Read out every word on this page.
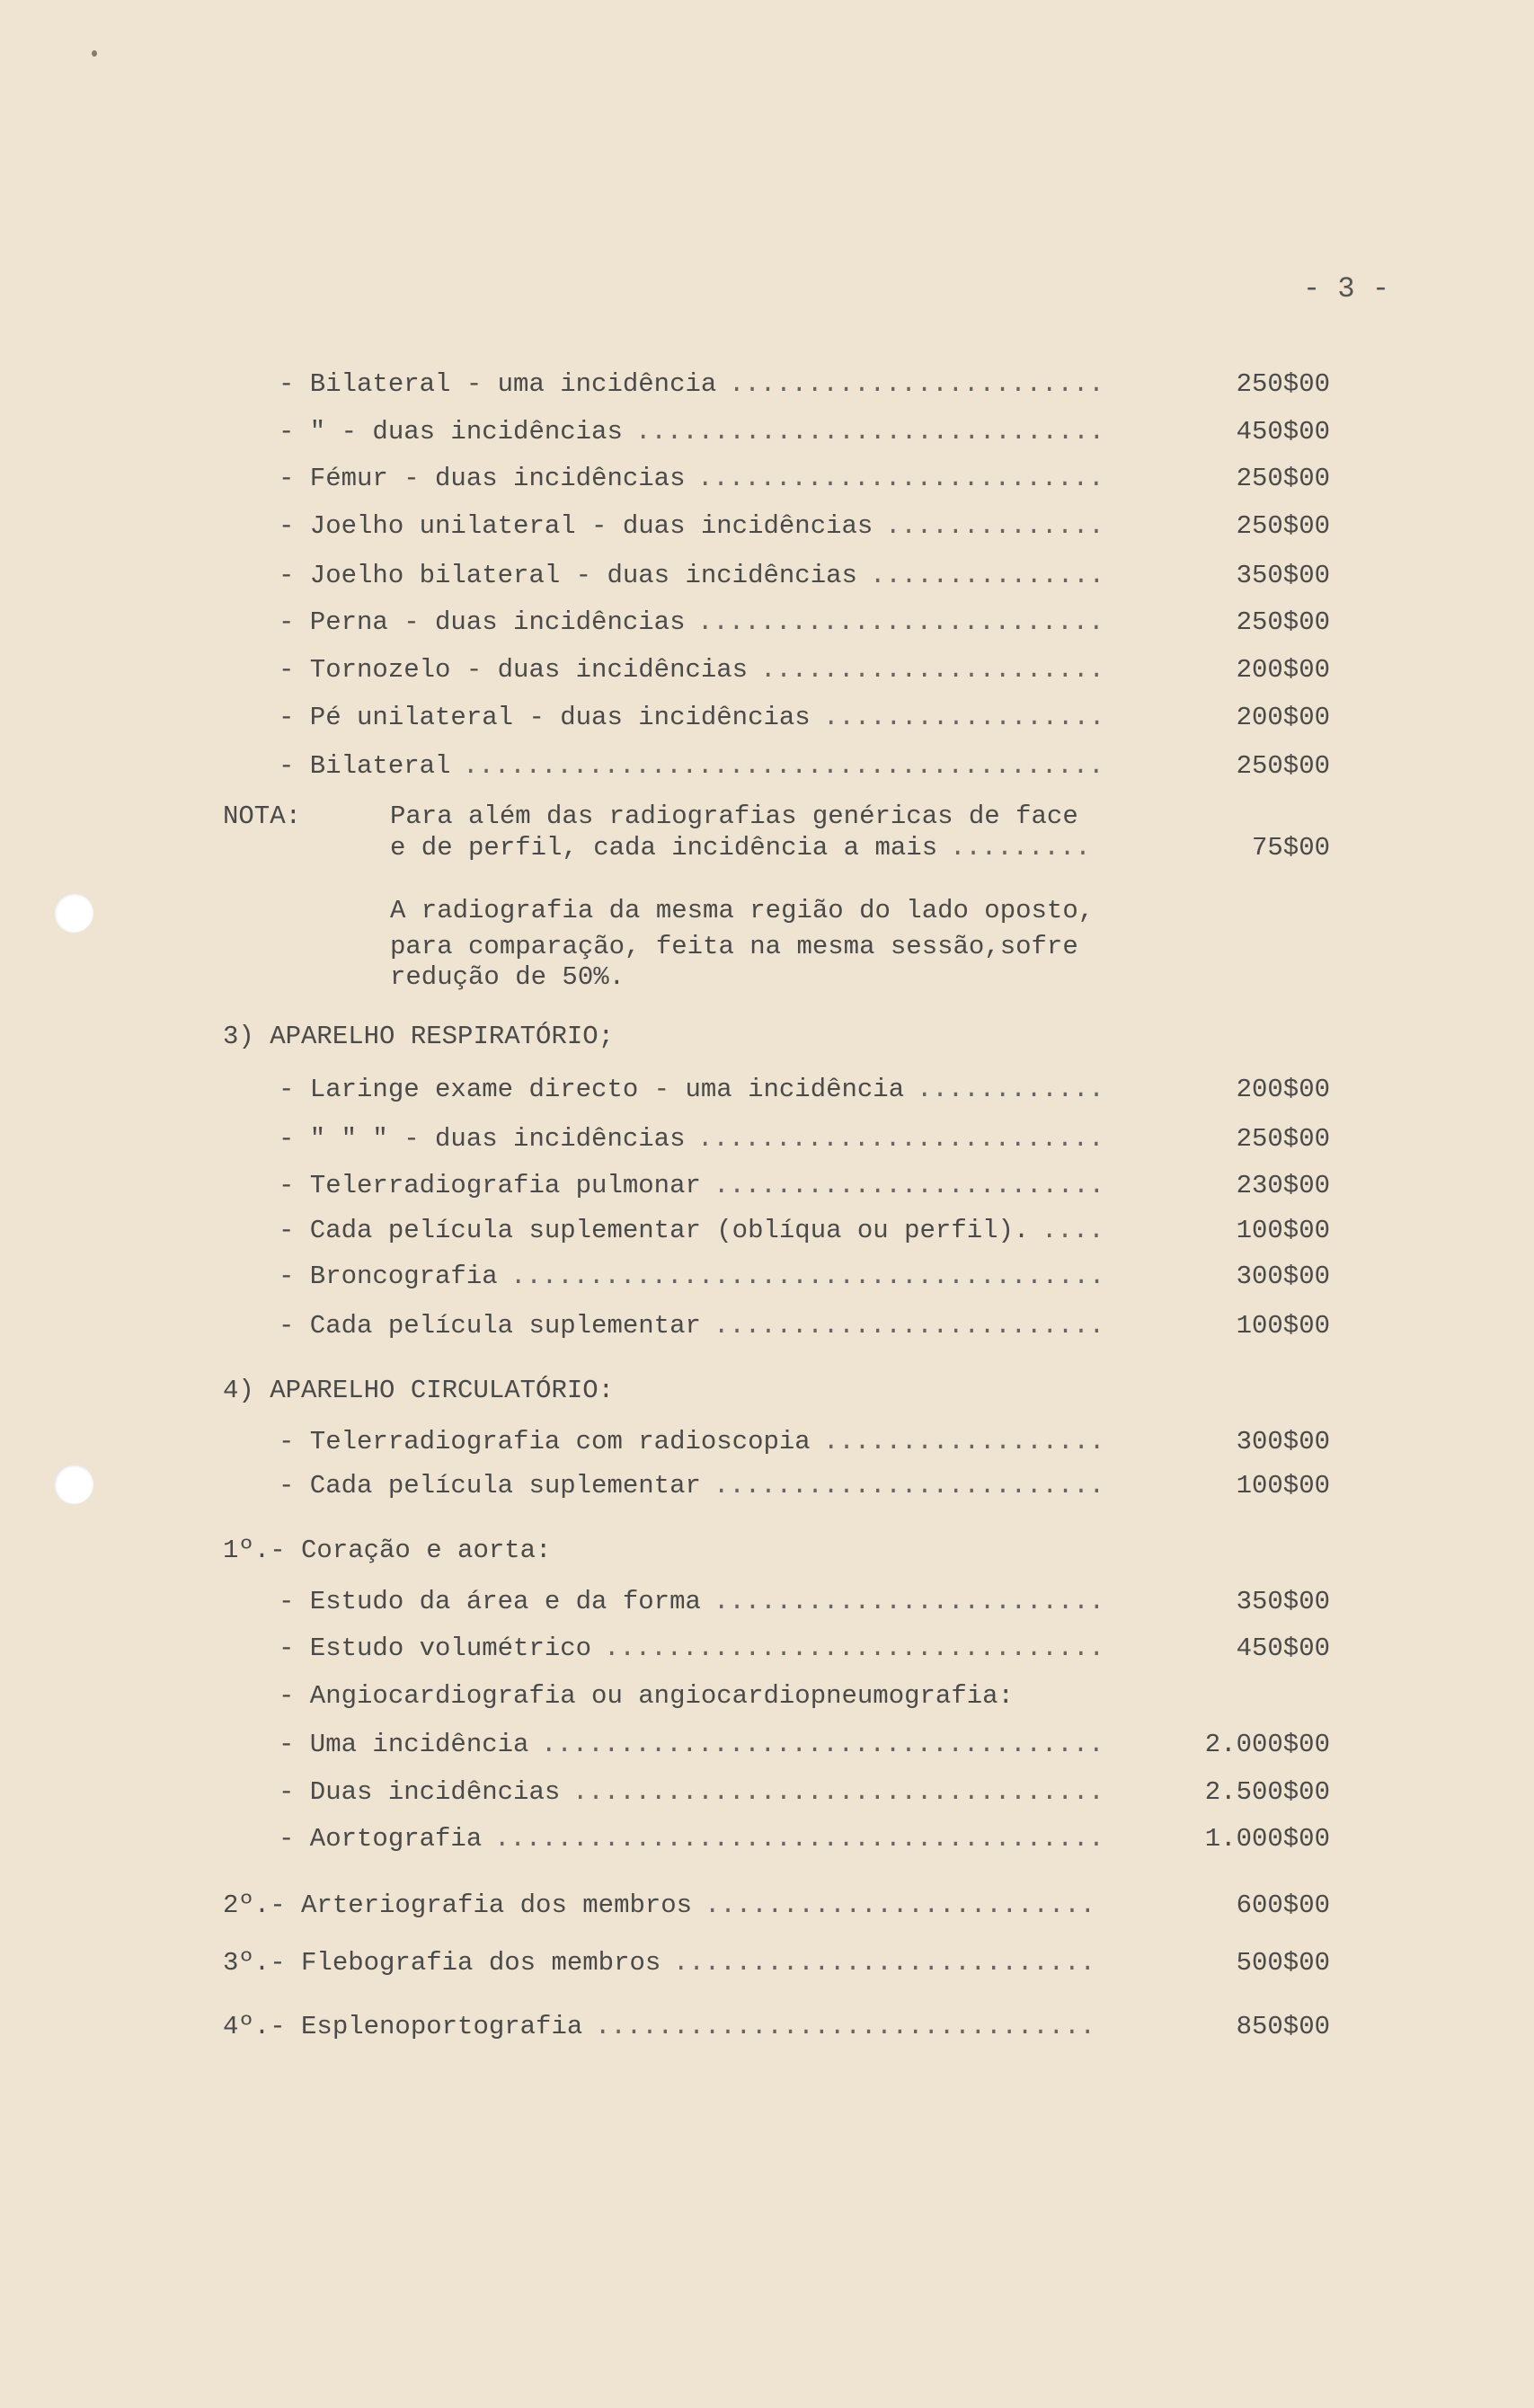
- 3 -
- Bilateral - uma incidência ........................	250$00
- " - duas incidências ..............................	450$00
- Fémur - duas incidências ..........................	250$00
- Joelho unilateral - duas incidências ..............	250$00
- Joelho bilateral - duas incidências ...............	350$00
- Perna - duas incidências ..........................	250$00
- Tornozelo - duas incidências ......................	200$00
- Pé unilateral - duas incidências ..................	200$00
- Bilateral .........................................	250$00
NOTA:	Para além das radiografias genéricas de face
e de perfil, cada incidência a mais .........	75$00
A radiografia da mesma região do lado oposto,
para comparação, feita na mesma sessão,sofre
redução de 50%.
3) APARELHO RESPIRATÓRIO;
- Laringe exame directo - uma incidência ............	200$00
- " " " - duas incidências ..........................	250$00
- Telerradiografia pulmonar .........................	230$00
- Cada película suplementar (oblíqua ou perfil). ....	100$00
- Broncografia ......................................	300$00
- Cada película suplementar .........................	100$00
4) APARELHO CIRCULATÓRIO:
- Telerradiografia com radioscopia ..................	300$00
- Cada película suplementar .........................	100$00
1º.- Coração e aorta:
- Estudo da área e da forma .........................	350$00
- Estudo volumétrico ................................	450$00
- Angiocardiografia ou angiocardiopneumografia:
- Uma incidência ....................................	2.000$00
- Duas incidências ..................................	2.500$00
- Aortografia .......................................	1.000$00
2º.- Arteriografia dos membros .........................	600$00
3º.- Flebografia dos membros ...........................	500$00
4º.- Esplenoportografia ................................	850$00
